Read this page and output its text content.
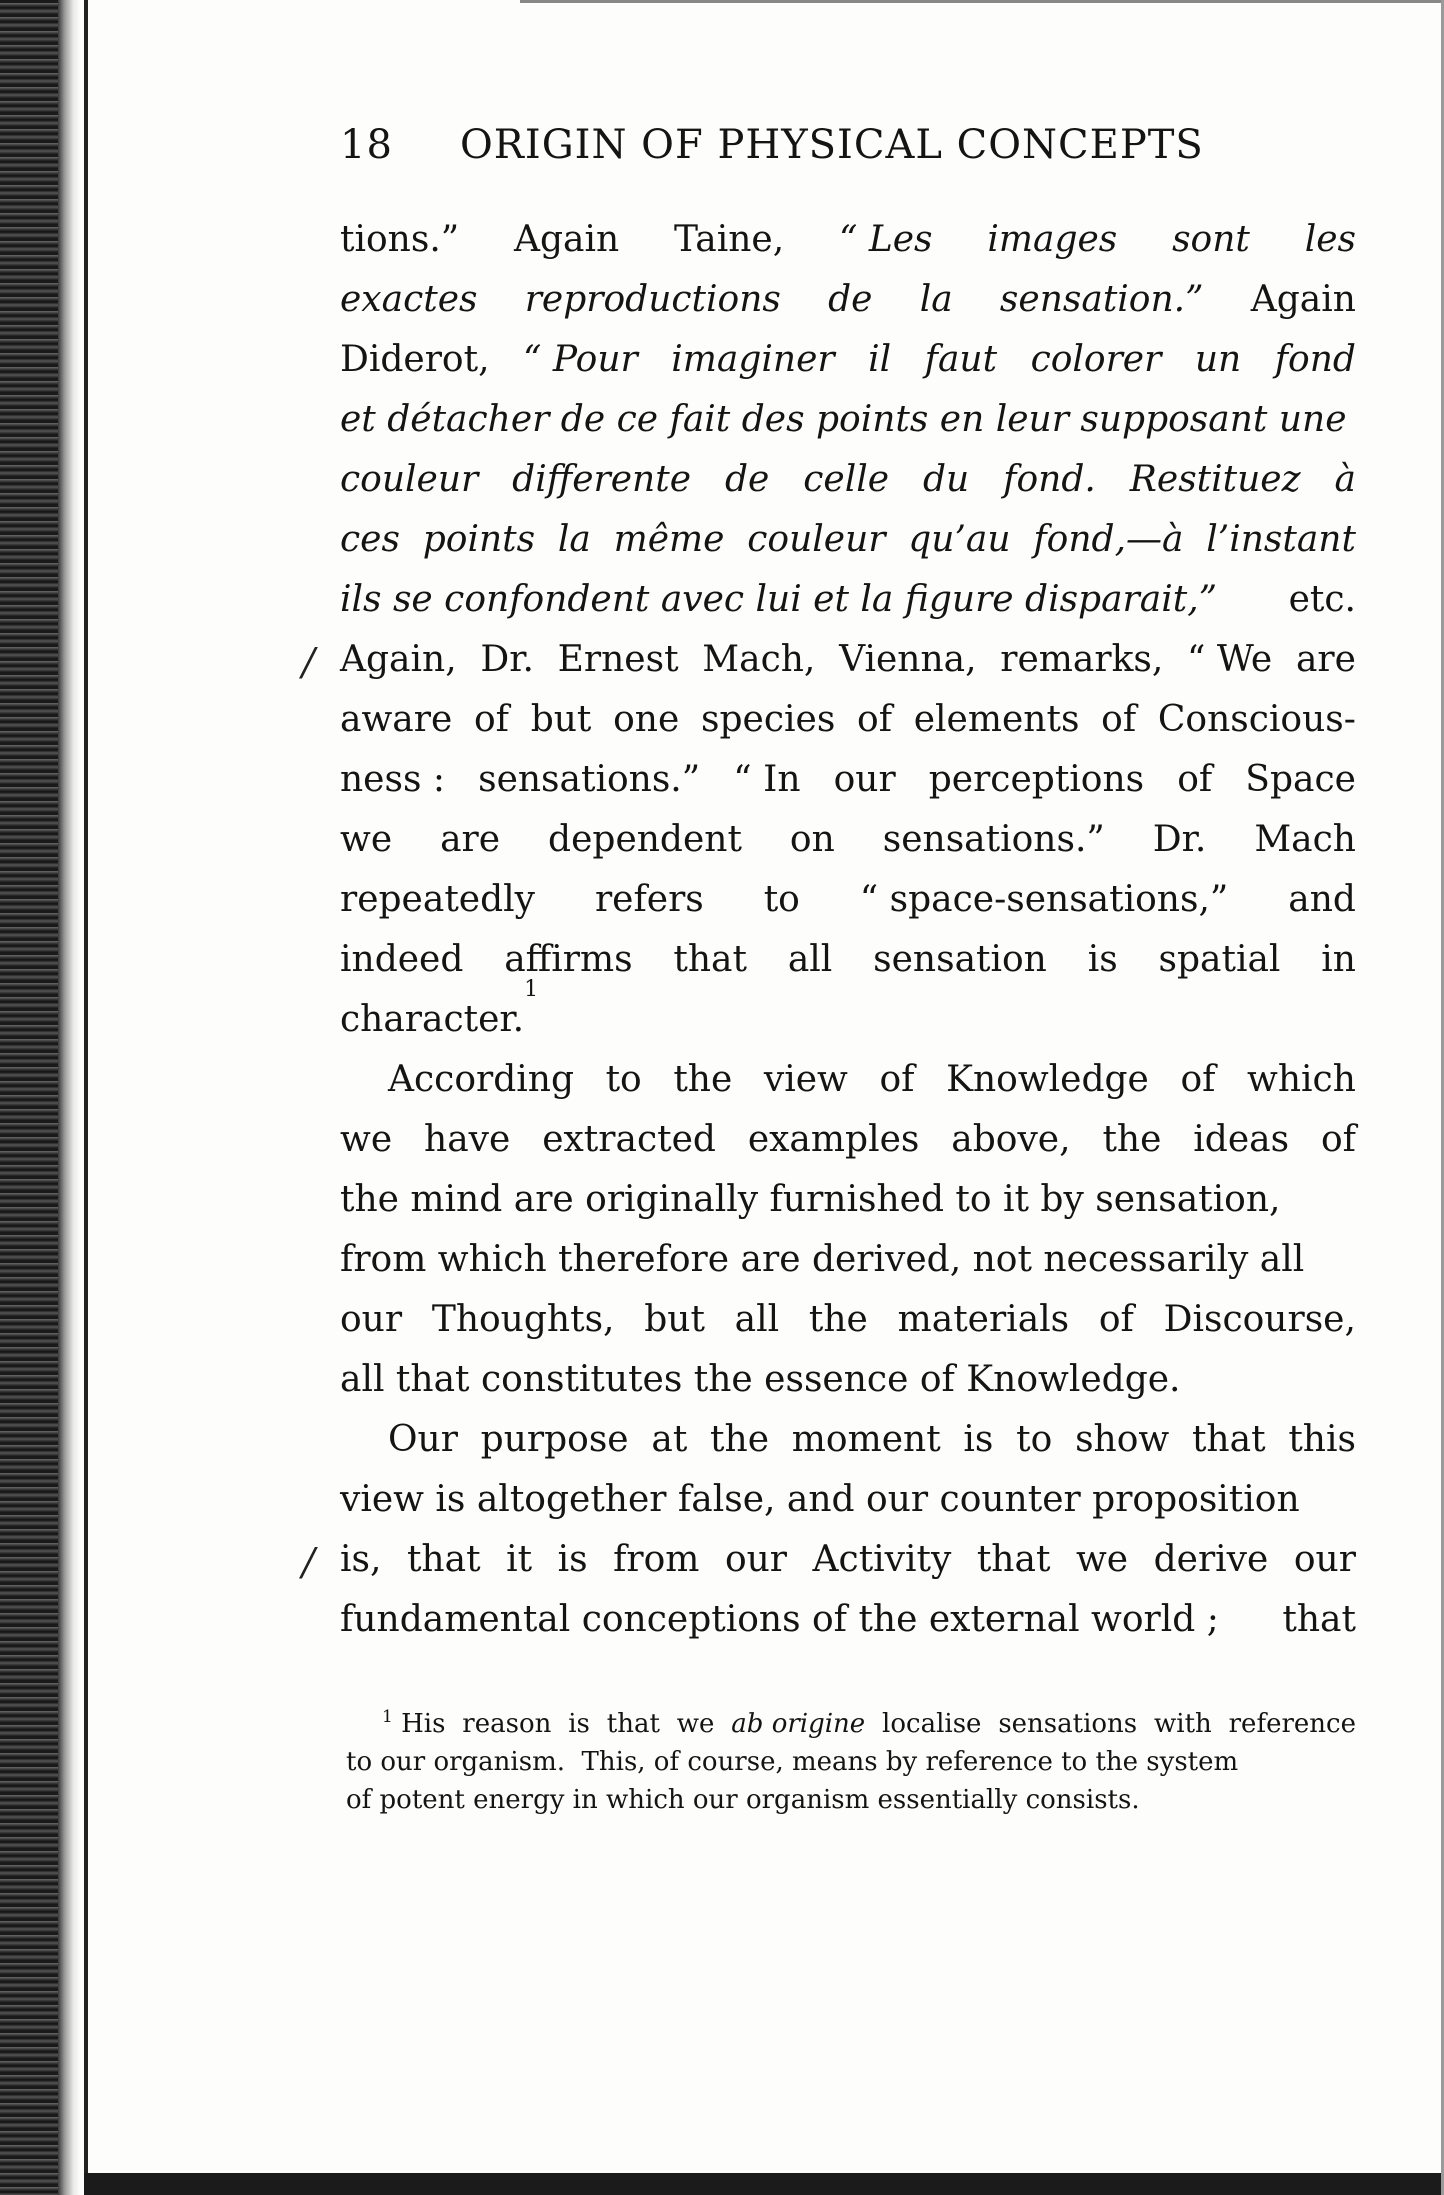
18 ORIGIN OF PHYSICAL CONCEPTS
tions.” Again Taine, “ Les images sont les
exactes reproductions de la sensation.” Again
Diderot, “ Pour imaginer il faut colorer un fond
et détacher de ce fait des points en leur supposant une
couleur differente de celle du fond. Restituez à
ces points la même couleur qu’au fond,—à l’instant
ils se confondent avec lui et la figure disparait,” etc.
/ Again, Dr. Ernest Mach, Vienna, remarks, “ We are
aware of but one species of elements of Conscious-
ness : sensations.” “ In our perceptions of Space
we are dependent on sensations.” Dr. Mach
repeatedly refers to “ space-sensations,” and
indeed affirms that all sensation is spatial in
character.
1
According to the view of Knowledge of which
we have extracted examples above, the ideas of
the mind are originally furnished to it by sensation,
from which therefore are derived, not necessarily all
our Thoughts, but all the materials of Discourse,
all that constitutes the essence of Knowledge.
Our purpose at the moment is to show that this
view is altogether false, and our counter proposition
/ is, that it is from our Activity that we derive our
fundamental conceptions of the external world ; that
$^1$ His reason is that we ab origine localise sensations with reference
to our organism.  This, of course, means by reference to the system
of potent energy in which our organism essentially consists.
